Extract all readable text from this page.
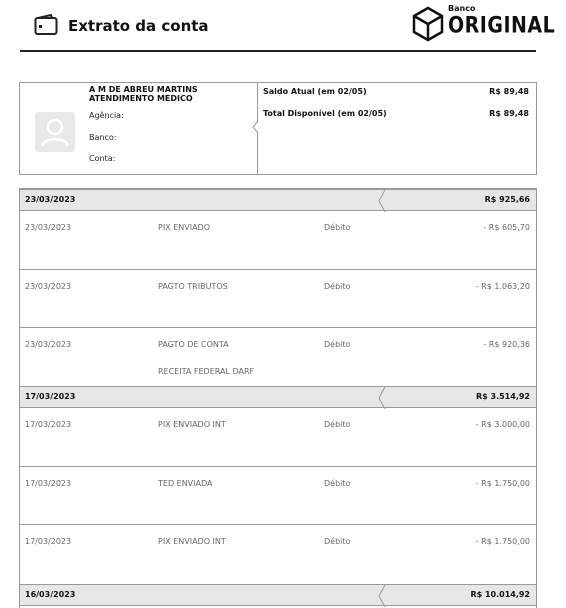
Extrato da conta
Banco
ORIGINAL
A M DE ABREU MARTINS
ATENDIMENTO MEDICO
Agência:
Banco:
Conta:
Saldo Atual (em 02/05)	R$ 89,48
Total Disponível (em 02/05)	R$ 89,48
23/03/2023	R$ 925,66
23/03/2023	PIX ENVIADO	Débito	- R$ 605,70
23/03/2023	PAGTO TRIBUTOS	Débito	- R$ 1.063,20
23/03/2023	PAGTO DE CONTA	Débito	- R$ 920,36
RECEITA FEDERAL DARF
17/03/2023	R$ 3.514,92
17/03/2023	PIX ENVIADO INT	Débito	- R$ 3.000,00
17/03/2023	TED ENVIADA	Débito	- R$ 1.750,00
17/03/2023	PIX ENVIADO INT	Débito	- R$ 1.750,00
16/03/2023	R$ 10.014,92
